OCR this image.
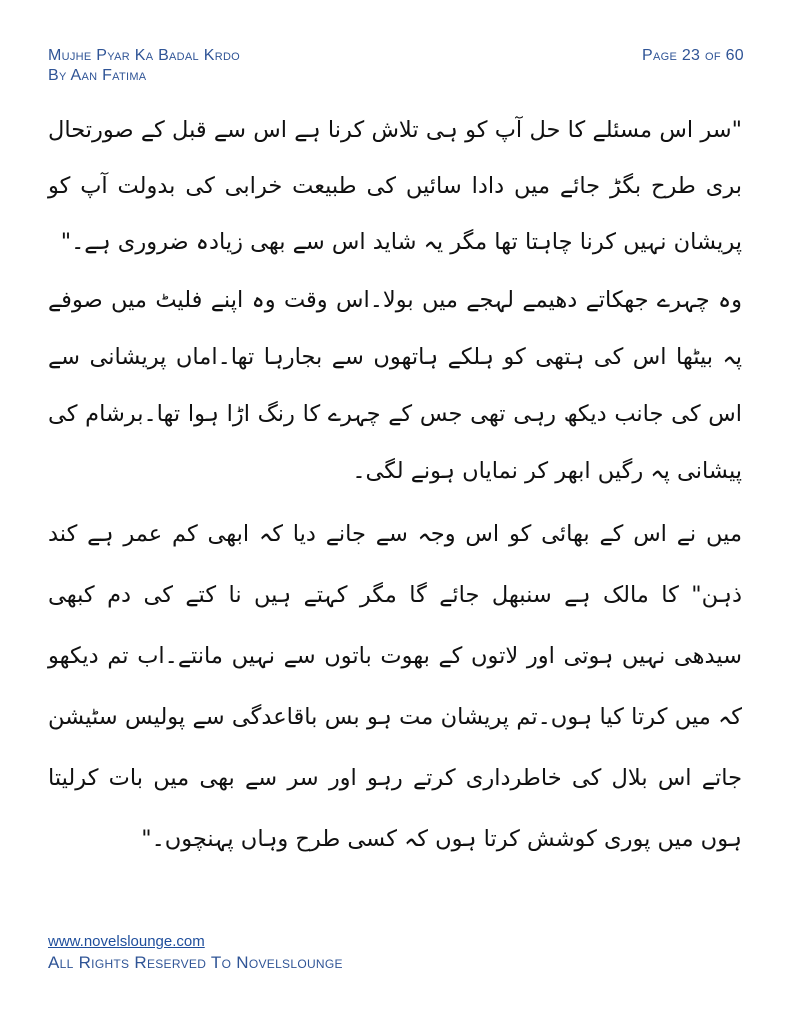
Mujhe Pyar Ka Badal Krdo
By Aan Fatima
Page 23 of 60

"سر اس مسئلے کا حل آپ کو ہی تلاش کرنا ہے اس سے قبل کے صورتحال بری طرح بگڑ جائے میں دادا سائیں کی طبیعت خرابی کی بدولت آپ کو پریشان نہیں کرنا چاہتا تھا مگر یہ شاید اس سے بھی زیادہ ضروری ہے۔"

وہ چہرے جھکاتے دھیمے لہجے میں بولا۔اس وقت وہ اپنے فلیٹ میں صوفے پہ بیٹھا اس کی ہتھی کو ہلکے ہاتھوں سے بجارہا تھا۔اماں پریشانی سے اس کی جانب دیکھ رہی تھی جس کے چہرے کا رنگ اڑا ہوا تھا۔برشام کی پیشانی پہ رگیں ابھر کر نمایاں ہونے لگی۔

میں نے اس کے بھائی کو اس وجہ سے جانے دیا کہ ابھی کم عمر ہے کند ذہن" کا مالک ہے سنبھل جائے گا مگر کہتے ہیں نا کتے کی دم کبھی سیدھی نہیں ہوتی اور لاتوں کے بھوت باتوں سے نہیں مانتے۔اب تم دیکھو کہ میں کرتا کیا ہوں۔تم پریشان مت ہو بس باقاعدگی سے پولیس سٹیشن جاتے اس بلال کی خاطرداری کرتے رہو اور سر سے بھی میں بات کرلیتا ہوں میں پوری کوشش کرتا ہوں کہ کسی طرح وہاں پہنچوں۔"

www.novelslounge.com
All Rights Reserved To Novelslounge
